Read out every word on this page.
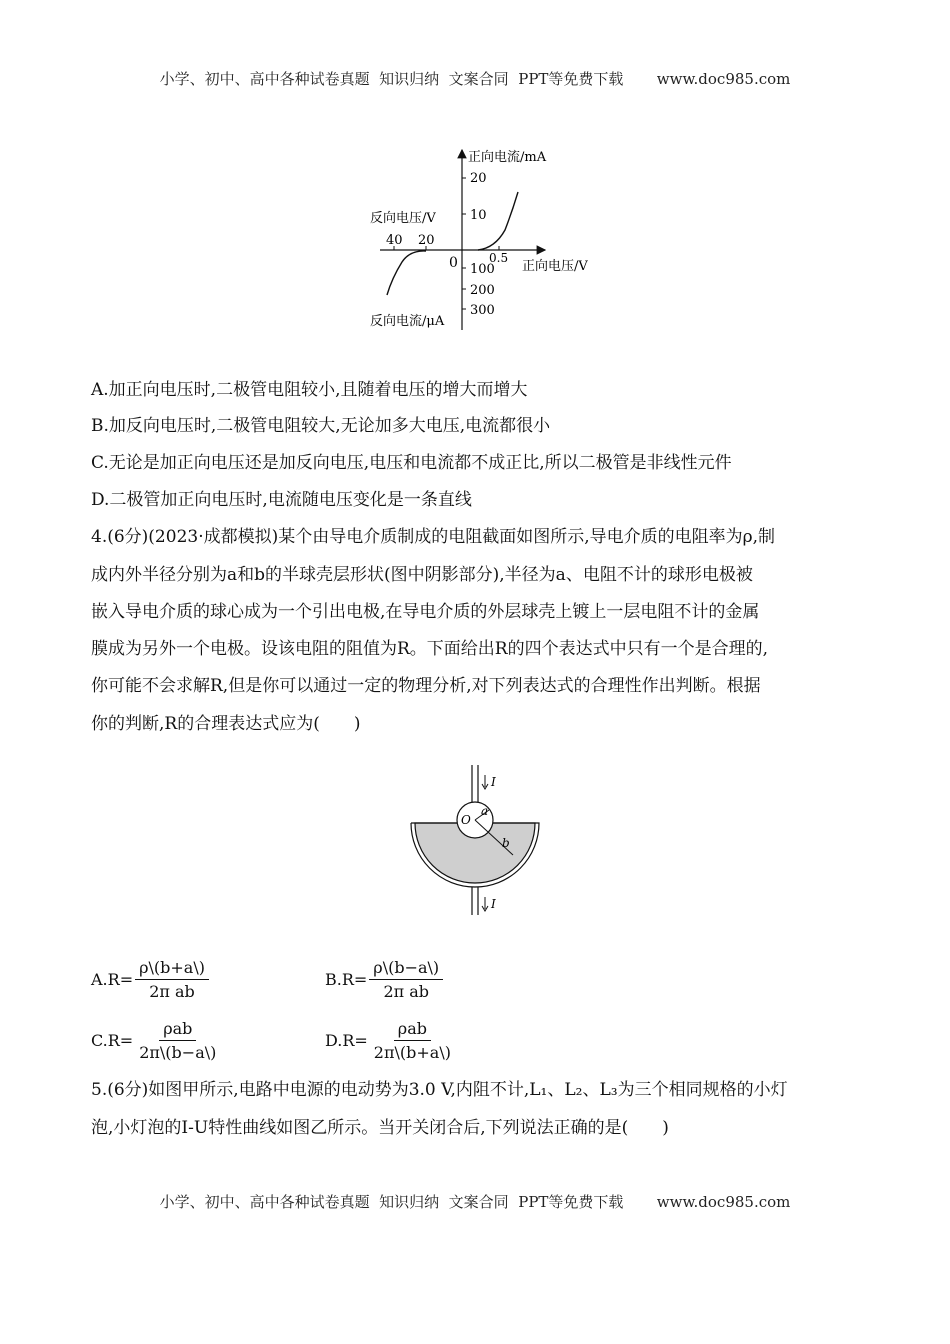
小学、初中、高中各种试卷真题  知识归纳  文案合同  PPT等免费下载       www.doc985.com
正向电流/mA
20
10
反向电压/V
40 20
0	0.5
正向电压/V
100
200
300
反向电流/μA
A.加正向电压时,二极管电阻较小,且随着电压的增大而增大
B.加反向电压时,二极管电阻较大,无论加多大电压,电流都很小
C.无论是加正向电压还是加反向电压,电压和电流都不成正比,所以二极管是非线性元件
D.二极管加正向电压时,电流随电压变化是一条直线
4.(6分)(2023·成都模拟)某个由导电介质制成的电阻截面如图所示,导电介质的电阻率为ρ,制
成内外半径分别为a和b的半球壳层形状(图中阴影部分),半径为a、电阻不计的球形电极被
嵌入导电介质的球心成为一个引出电极,在导电介质的外层球壳上镀上一层电阻不计的金属
膜成为另外一个电极。设该电阻的阻值为R。下面给出R的四个表达式中只有一个是合理的,
你可能不会求解R,但是你可以通过一定的物理分析,对下列表达式的合理性作出判断。根据
你的判断,R的合理表达式应为(　　)
I
I
O
a
b
$A.R= \frac{\rho\backslash(b+a\backslash)}{\text{2π ab}}$	$B.R= \frac{\rho\backslash(b-a\backslash)}{\text{2π ab}}$
$C.R= \frac{\text{ρab}}{2\pi\backslash(b-a\backslash)}$	$D.R= \frac{\text{ρab}}{2\pi\backslash(b+a\backslash)}$
5.(6分)如图甲所示,电路中电源的电动势为3.0 V,内阻不计,L₁、L₂、L₃为三个相同规格的小灯
泡,小灯泡的I-U特性曲线如图乙所示。当开关闭合后,下列说法正确的是(　　)
小学、初中、高中各种试卷真题  知识归纳  文案合同  PPT等免费下载       www.doc985.com
